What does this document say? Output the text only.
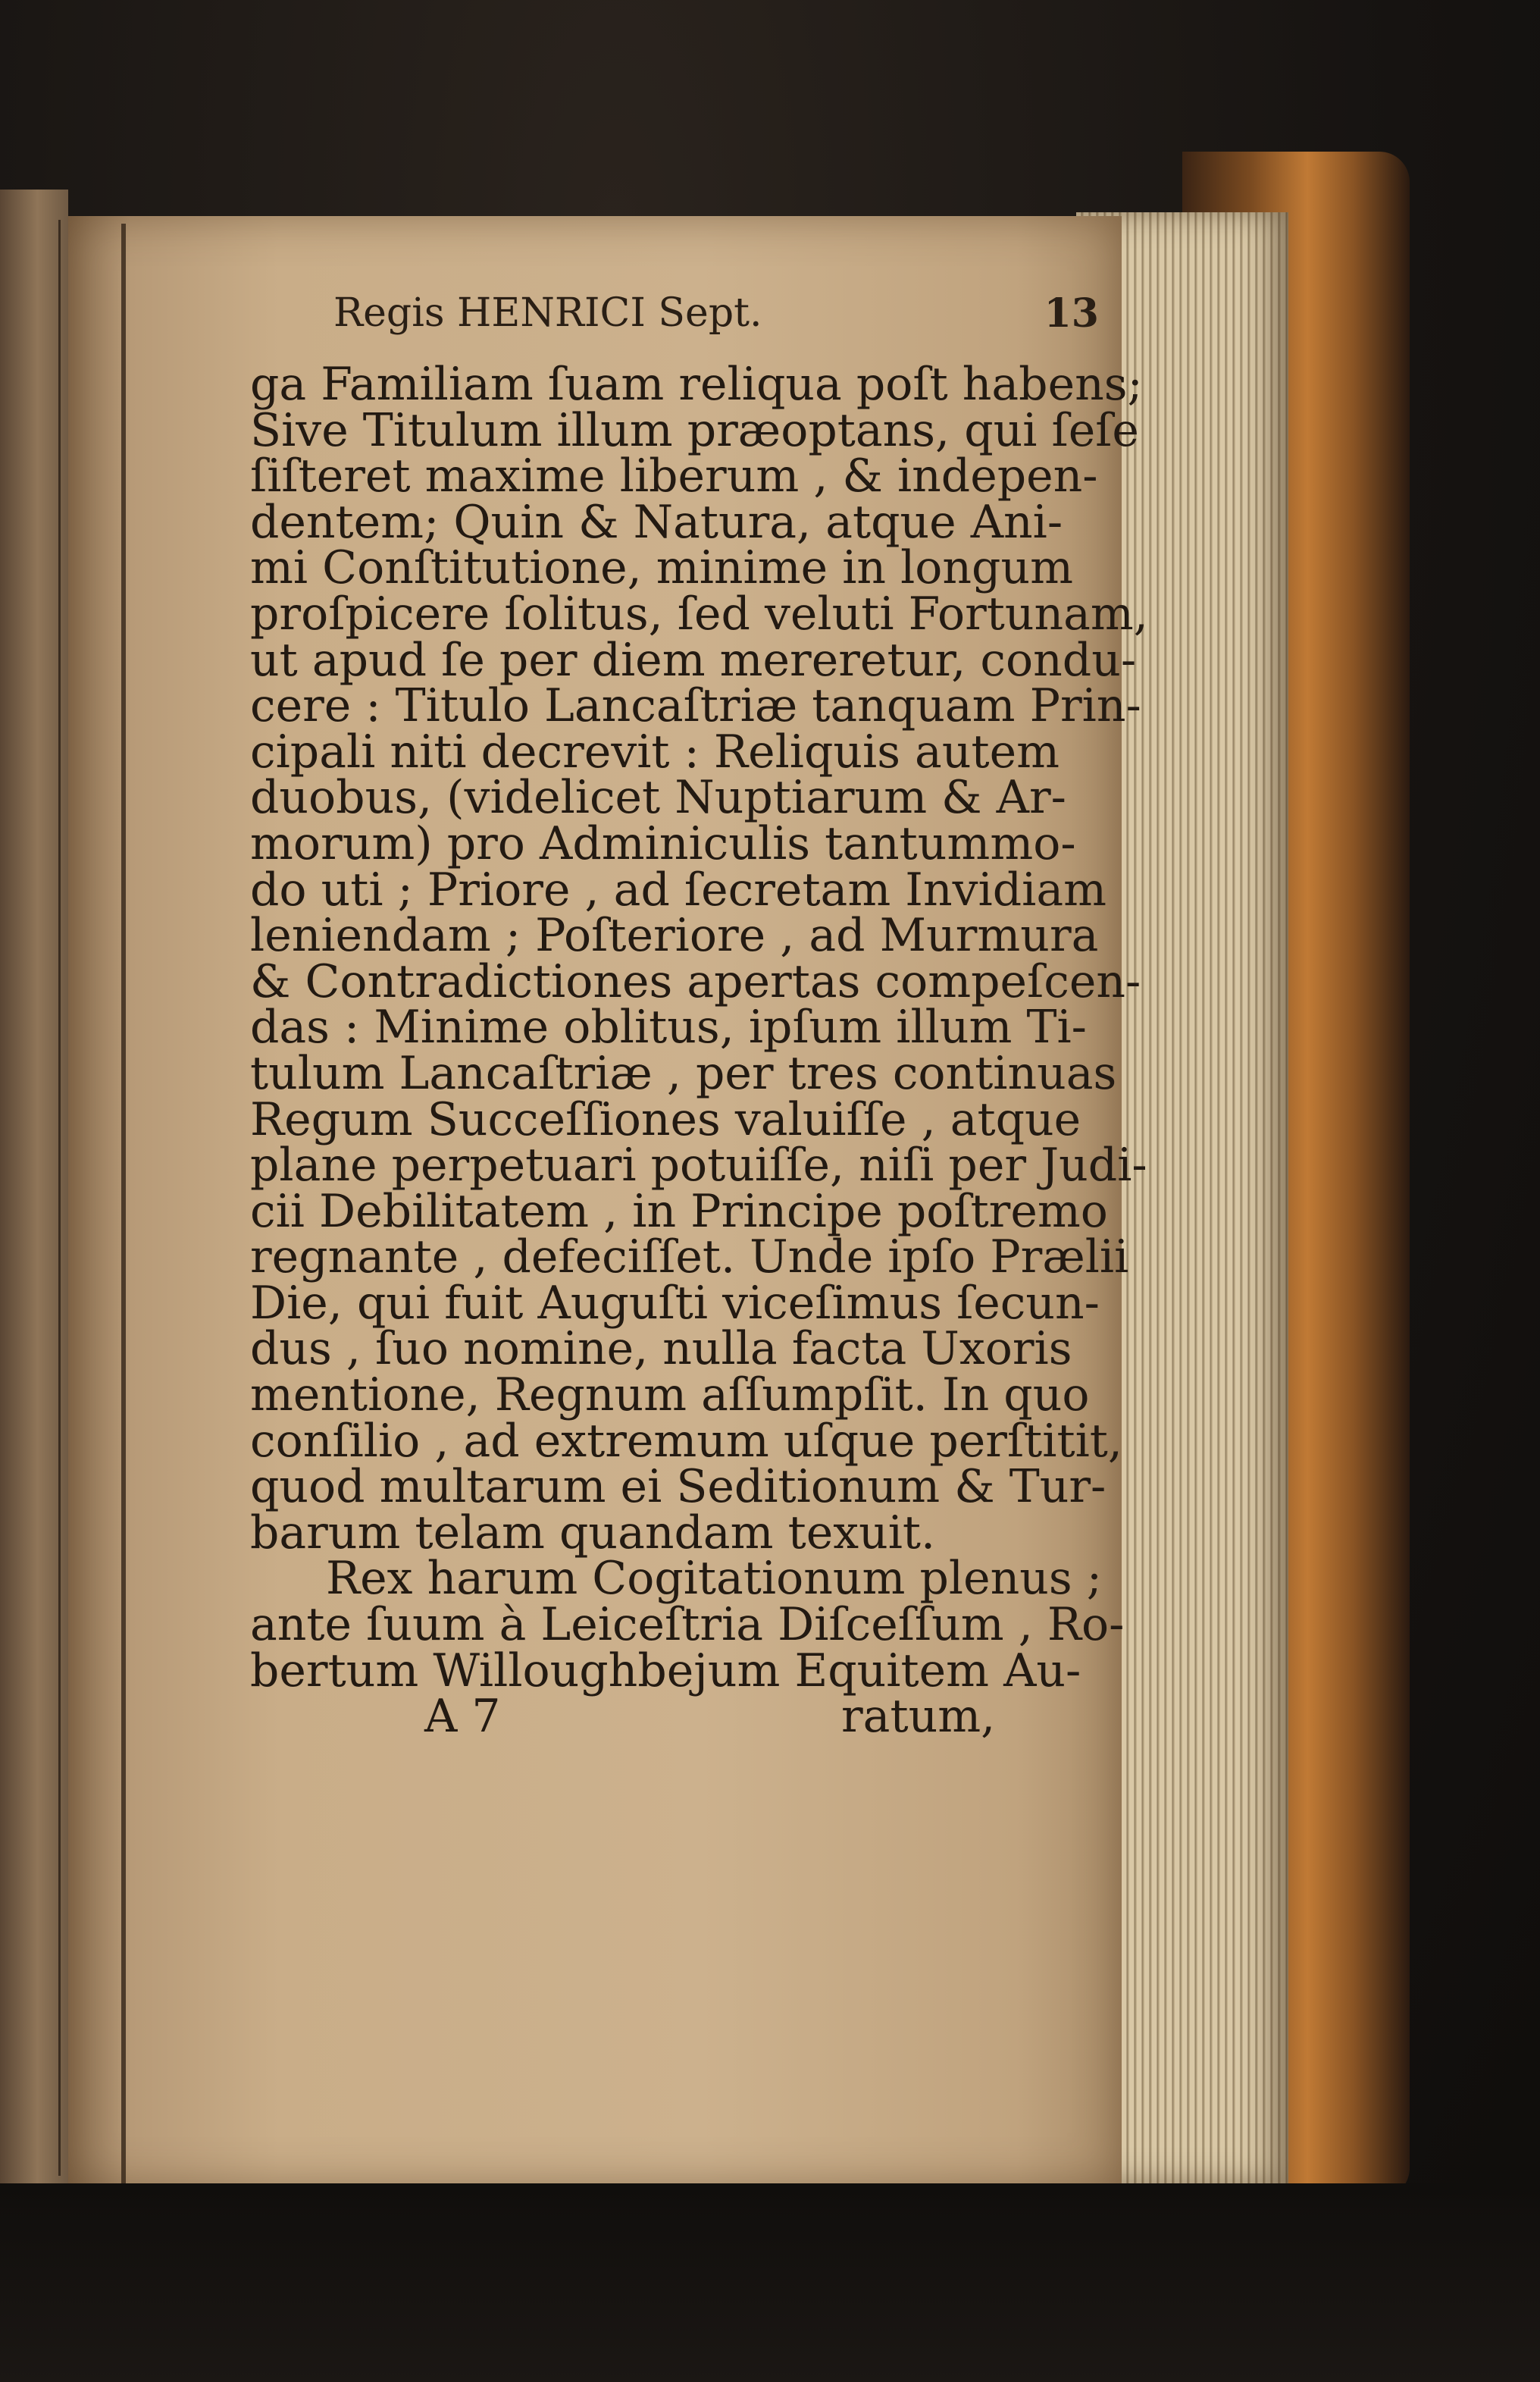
Regis HENRICI Sept.	13
ga Familiam ſuam reliqua poſt habens;
Sive Titulum illum præoptans, qui ſeſe
ſiſteret maxime liberum , & indepen-
dentem; Quin & Natura, atque Ani-
mi Conſtitutione, minime in longum
proſpicere ſolitus, ſed veluti Fortunam,
ut apud ſe per diem mereretur, condu-
cere : Titulo Lancaſtriæ tanquam Prin-
cipali niti decrevit : Reliquis autem
duobus, (videlicet Nuptiarum & Ar-
morum) pro Adminiculis tantummo-
do uti ; Priore , ad ſecretam Invidiam
leniendam ; Poſteriore , ad Murmura
& Contradictiones apertas compeſcen-
das : Minime oblitus, ipſum illum Ti-
tulum Lancaſtriæ , per tres continuas
Regum Succeſſiones valuiſſe , atque
plane perpetuari potuiſſe, niſi per Judi-
cii Debilitatem , in Principe poſtremo
regnante , defeciſſet. Unde ipſo Prælii
Die, qui fuit Auguſti viceſimus ſecun-
dus , ſuo nomine, nulla facta Uxoris
mentione, Regnum aſſumpſit. In quo
conſilio , ad extremum uſque perſtitit,
quod multarum ei Seditionum & Tur-
barum telam quandam texuit.
Rex harum Cogitationum plenus ;
ante ſuum à Leiceſtria Diſceſſum , Ro-
bertum Willoughbejum Equitem Au-
A 7	ratum,
